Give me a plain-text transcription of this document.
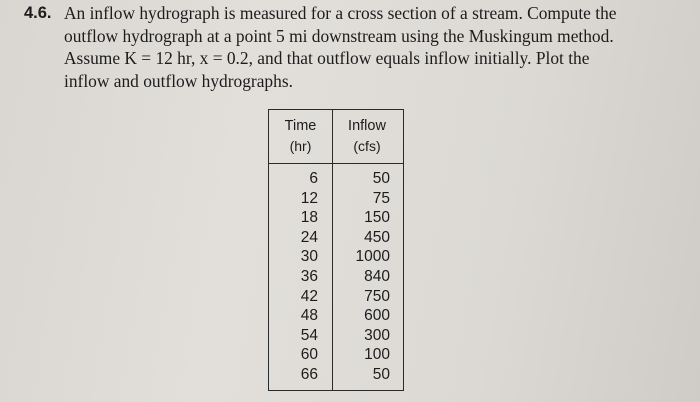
4.6. An inflow hydrograph is measured for a cross section of a stream. Compute the
outflow hydrograph at a point 5 mi downstream using the Muskingum method.
Assume K = 12 hr, x = 0.2, and that outflow equals inflow initially. Plot the
inflow and outflow hydrographs.
Time
(hr)
Inflow
(cfs)
6	50
12	75
18	150
24	450
30	1000
36	840
42	750
48	600
54	300
60	100
66	50
